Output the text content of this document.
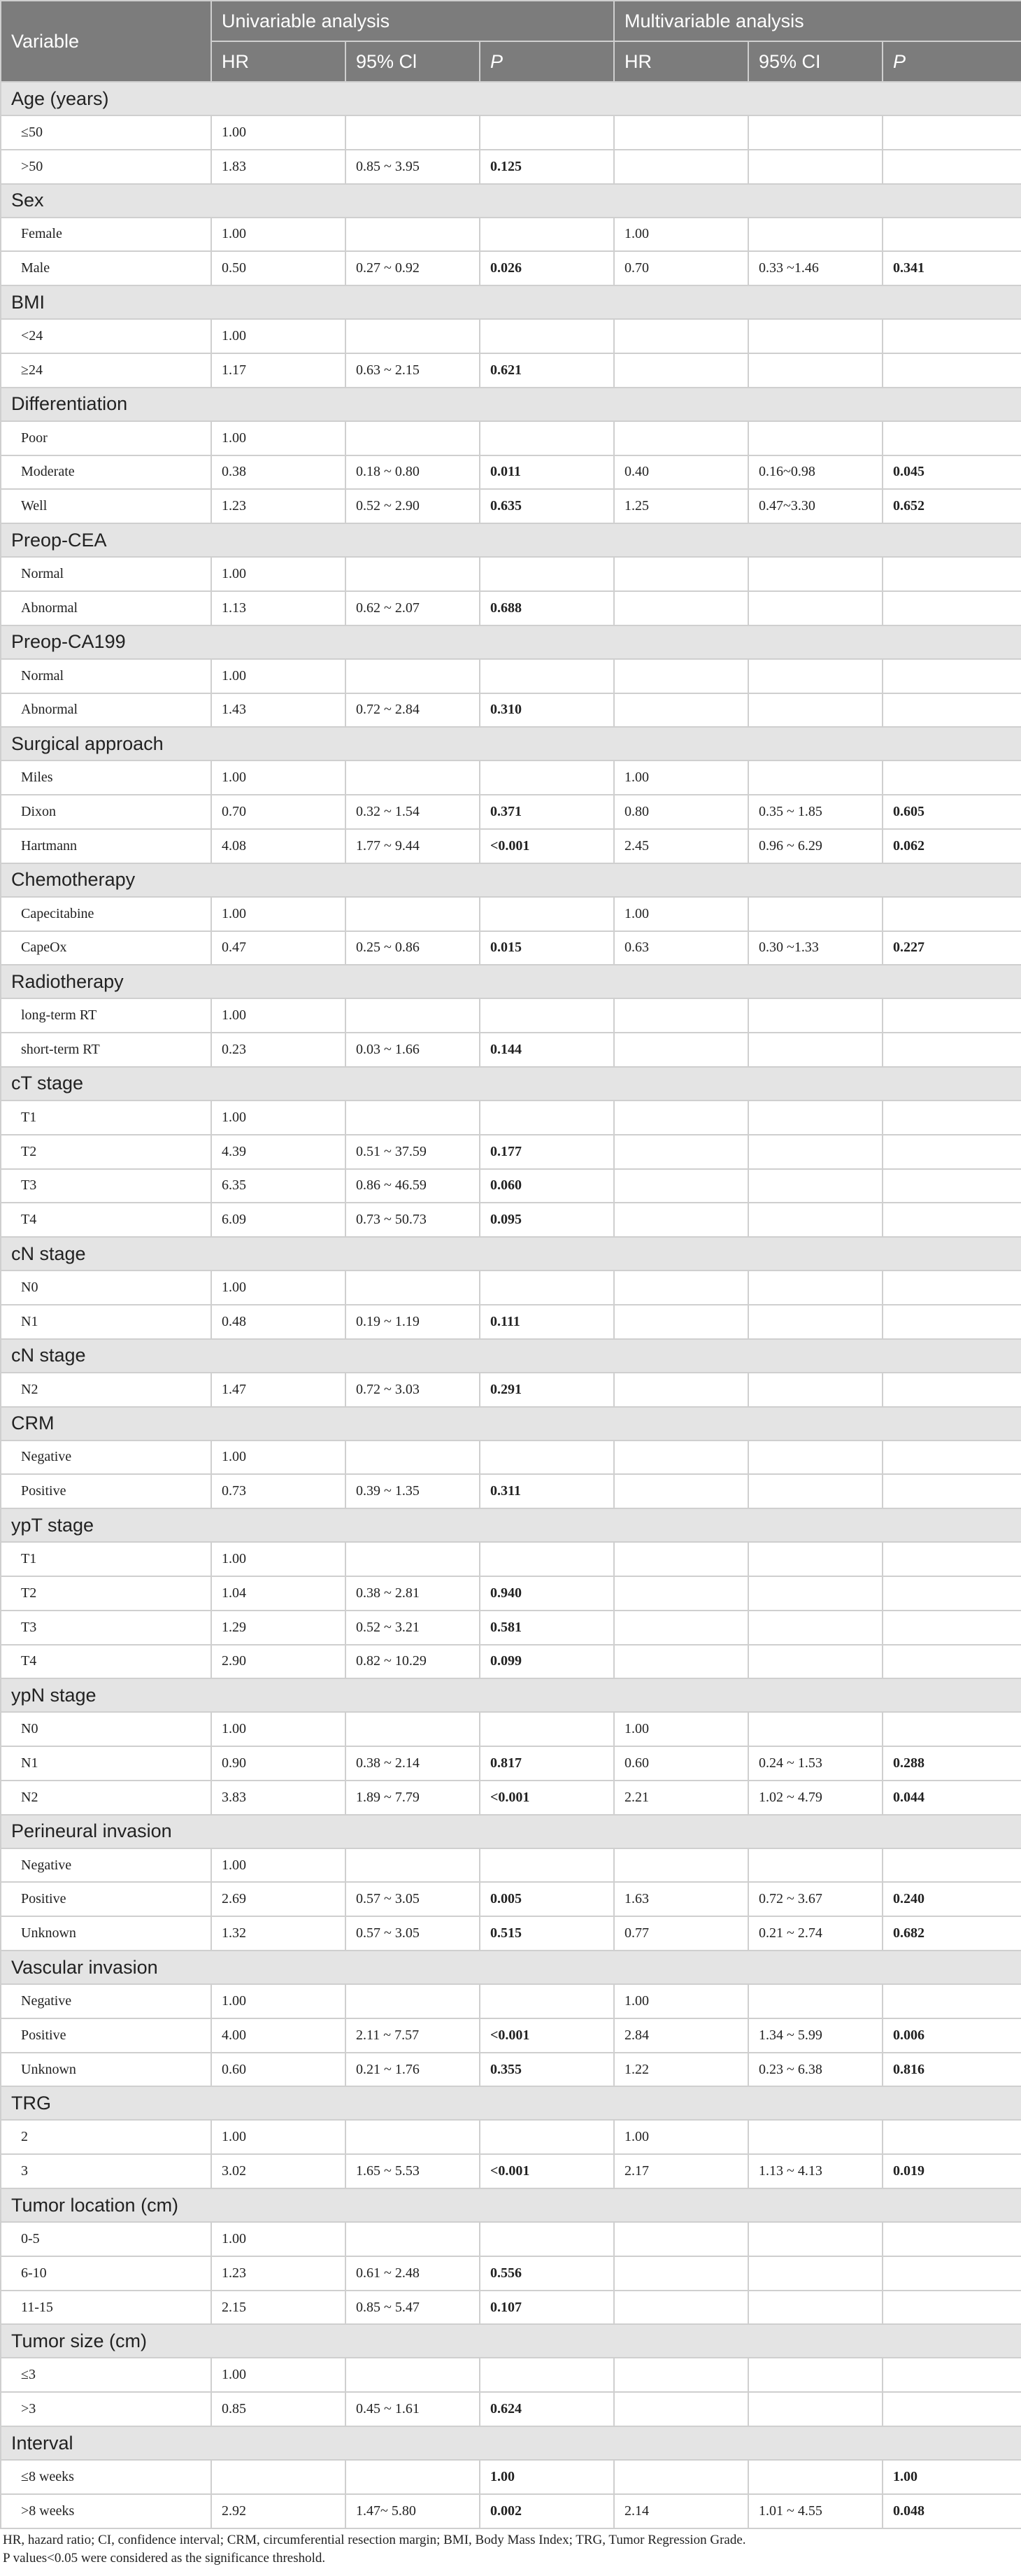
Variable	Univariable analysis			Multivariable analysis		
	HR	95% Cl	P	HR	95% CI	P
Age (years)						
≤50	1.00					
>50	1.83	0.85 ~ 3.95	0.125			
Sex						
Female	1.00			1.00		
Male	0.50	0.27 ~ 0.92	0.026	0.70	0.33 ~1.46	0.341
BMI						
<24	1.00					
≥24	1.17	0.63 ~ 2.15	0.621			
Differentiation						
Poor	1.00					
Moderate	0.38	0.18 ~ 0.80	0.011	0.40	0.16~0.98	0.045
Well	1.23	0.52 ~ 2.90	0.635	1.25	0.47~3.30	0.652
Preop-CEA						
Normal	1.00					
Abnormal	1.13	0.62 ~ 2.07	0.688			
Preop-CA199						
Normal	1.00					
Abnormal	1.43	0.72 ~ 2.84	0.310			
Surgical approach						
Miles	1.00			1.00		
Dixon	0.70	0.32 ~ 1.54	0.371	0.80	0.35 ~ 1.85	0.605
Hartmann	4.08	1.77 ~ 9.44	<0.001	2.45	0.96 ~ 6.29	0.062
Chemotherapy						
Capecitabine	1.00			1.00		
CapeOx	0.47	0.25 ~ 0.86	0.015	0.63	0.30 ~1.33	0.227
Radiotherapy						
long-term RT	1.00					
short-term RT	0.23	0.03 ~ 1.66	0.144			
cT stage						
T1	1.00					
T2	4.39	0.51 ~ 37.59	0.177			
T3	6.35	0.86 ~ 46.59	0.060			
T4	6.09	0.73 ~ 50.73	0.095			
cN stage						
N0	1.00					
N1	0.48	0.19 ~ 1.19	0.111			
cN stage						
N2	1.47	0.72 ~ 3.03	0.291			
CRM						
Negative	1.00					
Positive	0.73	0.39 ~ 1.35	0.311			
ypT stage						
T1	1.00					
T2	1.04	0.38 ~ 2.81	0.940			
T3	1.29	0.52 ~ 3.21	0.581			
T4	2.90	0.82 ~ 10.29	0.099			
ypN stage						
N0	1.00			1.00		
N1	0.90	0.38 ~ 2.14	0.817	0.60	0.24 ~ 1.53	0.288
N2	3.83	1.89 ~ 7.79	<0.001	2.21	1.02 ~ 4.79	0.044
Perineural invasion						
Negative	1.00					
Positive	2.69	0.57 ~ 3.05	0.005	1.63	0.72 ~ 3.67	0.240
Unknown	1.32	0.57 ~ 3.05	0.515	0.77	0.21 ~ 2.74	0.682
Vascular invasion						
Negative	1.00			1.00		
Positive	4.00	2.11 ~ 7.57	<0.001	2.84	1.34 ~ 5.99	0.006
Unknown	0.60	0.21 ~ 1.76	0.355	1.22	0.23 ~ 6.38	0.816
TRG						
2	1.00			1.00		
3	3.02	1.65 ~ 5.53	<0.001	2.17	1.13 ~ 4.13	0.019
Tumor location (cm)						
0-5	1.00					
6-10	1.23	0.61 ~ 2.48	0.556			
11-15	2.15	0.85 ~ 5.47	0.107			
Tumor size (cm)						
≤3	1.00					
>3	0.85	0.45 ~ 1.61	0.624			
Interval						
≤8 weeks			1.00			1.00
>8 weeks	2.92	1.47~ 5.80	0.002	2.14	1.01 ~ 4.55	0.048
HR, hazard ratio; CI, confidence interval; CRM, circumferential resection margin; BMI, Body Mass Index; TRG, Tumor Regression Grade.
P values<0.05 were considered as the significance threshold.
